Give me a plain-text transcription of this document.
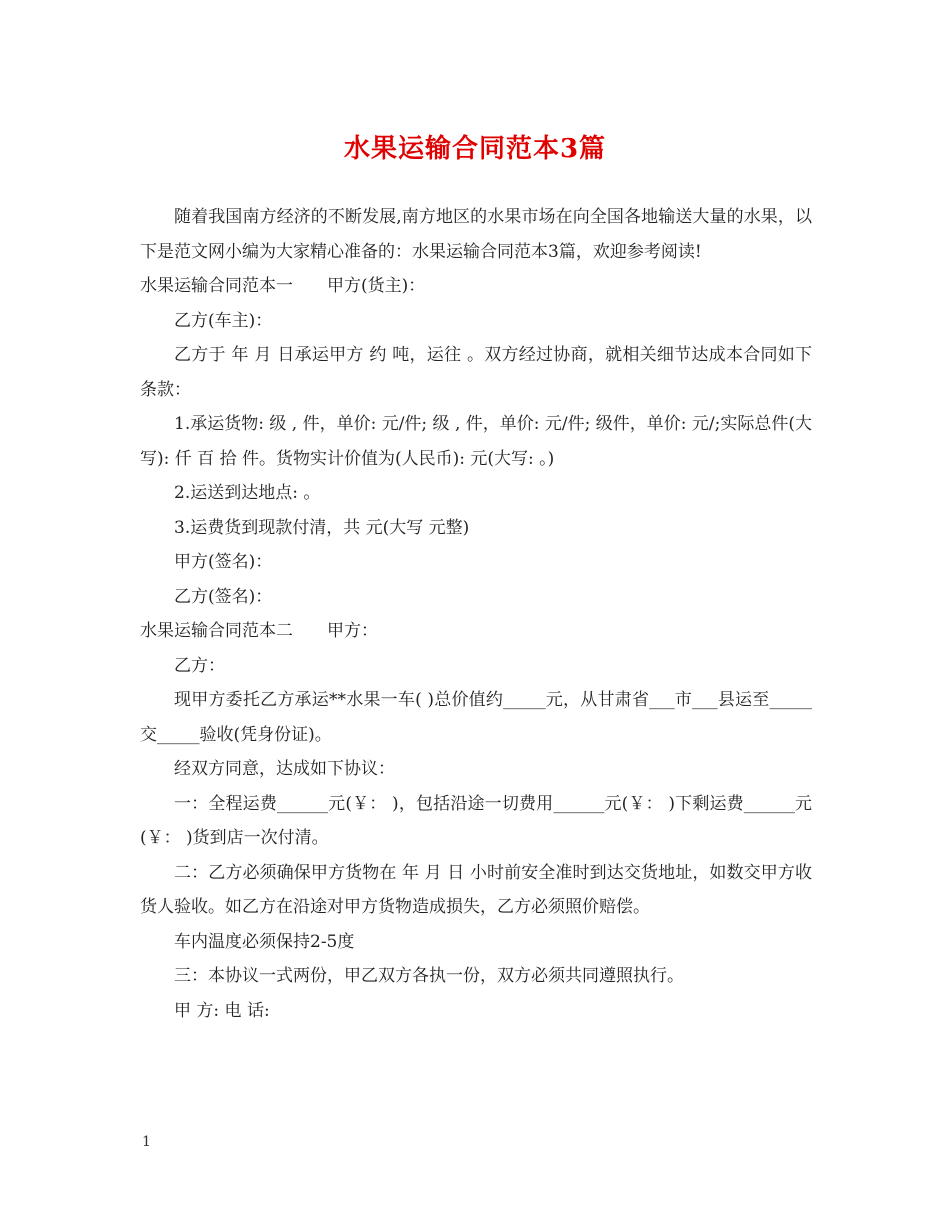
水果运输合同范本3篇

随着我国南方经济的不断发展,南方地区的水果市场在向全国各地输送大量的水果，以下是范文网小编为大家精心准备的：水果运输合同范本3篇，欢迎参考阅读!

水果运输合同范本一 甲方(货主)：

乙方(车主)：

乙方于 年 月 日承运甲方 约 吨，运往 。双方经过协商，就相关细节达成本合同如下条款：

1.承运货物: 级 , 件，单价: 元/件; 级 , 件，单价: 元/件; 级件，单价: 元/;实际总件(大写): 仟 百 拾 件。货物实计价值为(人民币): 元(大写: 。)

2.运送到达地点: 。

3.运费货到现款付清，共 元(大写 元整)

甲方(签名)：

乙方(签名)：

水果运输合同范本二 甲方：

乙方：

现甲方委托乙方承运**水果一车( )总价值约_____元，从甘肃省___市___县运至_____交_____验收(凭身份证)。

经双方同意，达成如下协议：

一：全程运费______元(￥： )，包括沿途一切费用______元(￥： )下剩运费______元(￥： )货到店一次付清。

二：乙方必须确保甲方货物在 年 月 日 小时前安全准时到达交货地址，如数交甲方收货人验收。如乙方在沿途对甲方货物造成损失，乙方必须照价赔偿。

车内温度必须保持2-5度

三：本协议一式两份，甲乙双方各执一份，双方必须共同遵照执行。

甲 方: 电 话:

1
